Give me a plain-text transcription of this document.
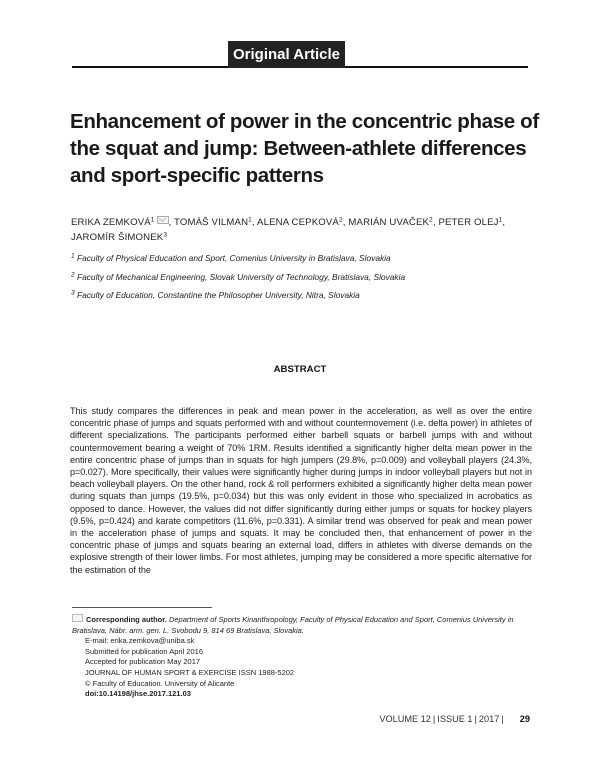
Original Article
Enhancement of power in the concentric phase of the squat and jump: Between-athlete differences and sport-specific patterns
ERIKA ZEMKOVÁ$^1$ , TOMÁŠ VILMAN$^1$, ALENA CEPKOVÁ$^2$, MARIÁN UVAČEK$^2$, PETER OLEJ$^1$,
JAROMÍR ŠIMONEK$^3$
$^1$ Faculty of Physical Education and Sport, Comenius University in Bratislava, Slovakia
$^2$ Faculty of Mechanical Engineering, Slovak University of Technology, Bratislava, Slovakia
$^3$ Faculty of Education, Constantine the Philosopher University, Nitra, Slovakia
ABSTRACT
This study compares the differences in peak and mean power in the acceleration, as well as over the entire concentric phase of jumps and squats performed with and without countermovement (i.e. delta power) in athletes of different specializations. The participants performed either barbell squats or barbell jumps with and without countermovement bearing a weight of 70% 1RM. Results identified a significantly higher delta mean power in the entire concentric phase of jumps than in squats for high jumpers (29.8%, p=0.009) and volleyball players (24.3%, p=0.027). More specifically, their values were significantly higher during jumps in indoor volleyball players but not in beach volleyball players. On the other hand, rock & roll performers exhibited a significantly higher delta mean power during squats than jumps (19.5%, p=0.034) but this was only evident in those who specialized in acrobatics as opposed to dance. However, the values did not differ significantly during either jumps or squats for hockey players (9.5%, p=0.424) and karate competitors (11.6%, p=0.331). A similar trend was observed for peak and mean power in the acceleration phase of jumps and squats. It may be concluded then, that enhancement of power in the concentric phase of jumps and squats bearing an external load, differs in athletes with diverse demands on the explosive strength of their lower limbs. For most athletes, jumping may be considered a more specific alternative for the estimation of the
Corresponding author. Department of Sports Kinanthropology, Faculty of Physical Education and Sport, Comenius University in Bratislava, Nábr. arm. gen. L. Svobodu 9, 814 69 Bratislava, Slovakia.
E-mail: erika.zemkova@uniba.sk
Submitted for publication April 2016
Accepted for publication May 2017
JOURNAL OF HUMAN SPORT & EXERCISE ISSN 1988-5202
© Faculty of Education. University of Alicante
doi:10.14198/jhse.2017.121.03
VOLUME 12 | ISSUE 1 | 2017 | 29
